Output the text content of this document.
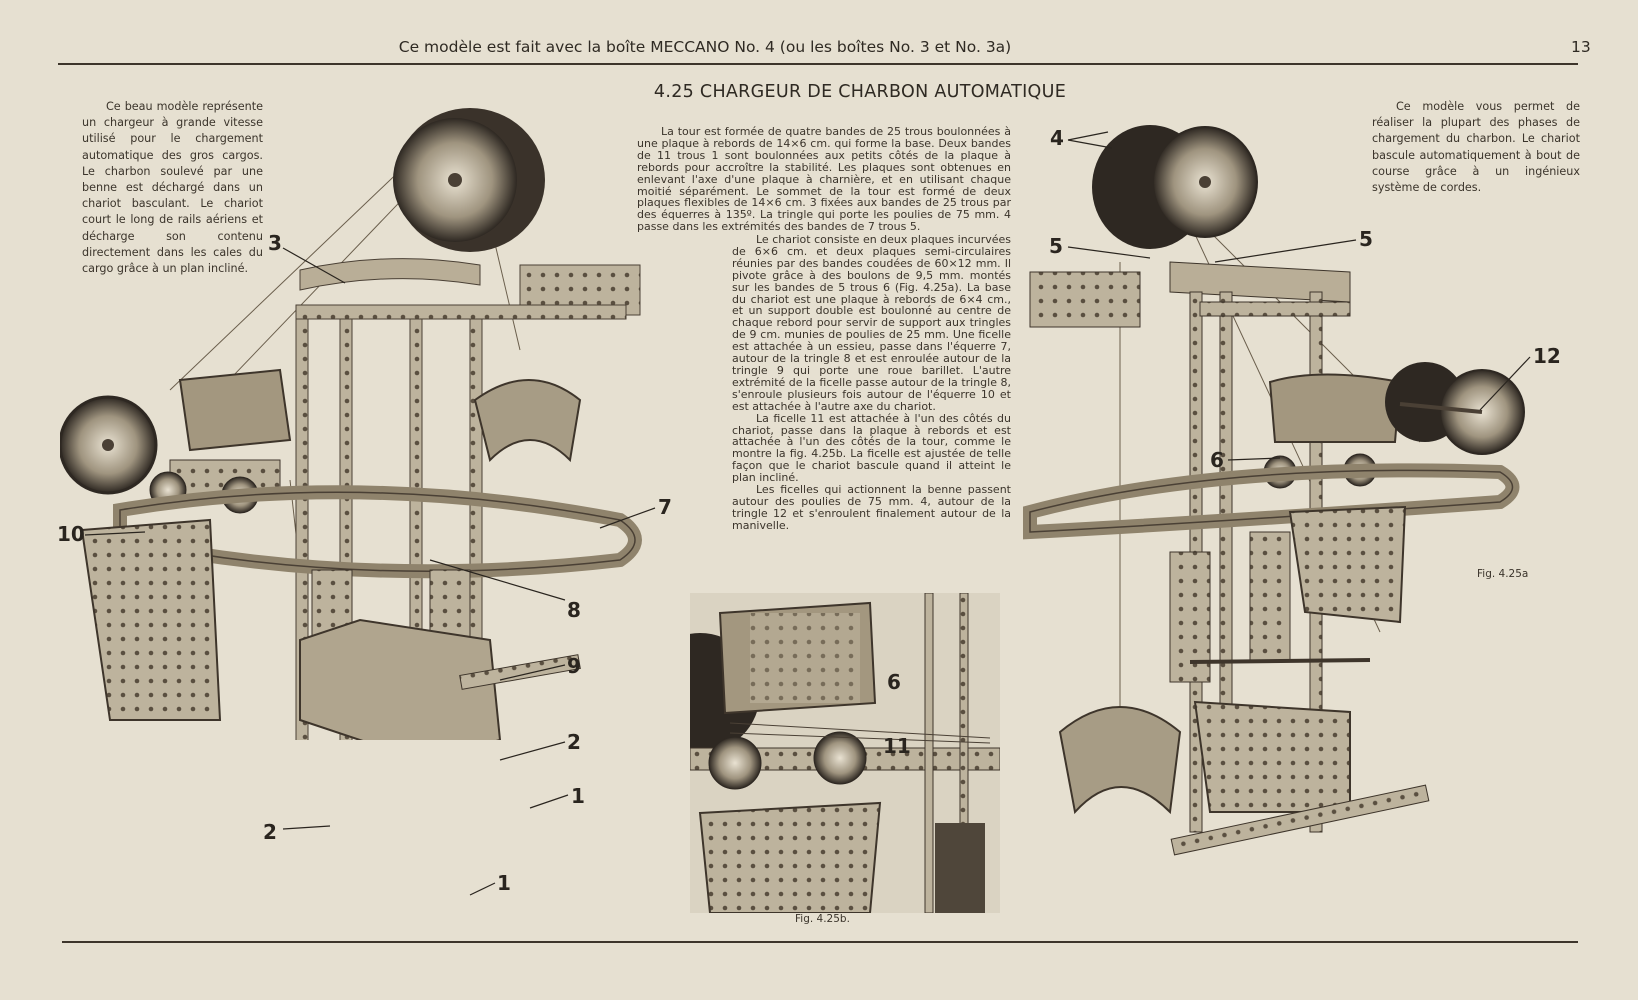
Ce modèle est fait avec la boîte MECCANO No. 4 (ou les boîtes No. 3 et No. 3a)	13
4.25 CHARGEUR DE CHARBON AUTOMATIQUE

Ce beau modèle représente un chargeur à grande vitesse utilisé pour le chargement automatique des gros cargos. Le charbon soulevé par une benne est déchargé dans un chariot basculant. Le chariot court le long de rails aériens et décharge son contenu directement dans les cales du cargo grâce à un plan incliné.

Ce modèle vous permet de réaliser la plupart des phases de chargement du charbon. Le chariot bascule automatiquement à bout de course grâce à un ingénieux système de cordes.

La tour est formée de quatre bandes de 25 trous boulonnées à une plaque à rebords de 14×6 cm. qui forme la base. Deux bandes de 11 trous 1 sont boulonnées aux petits côtés de la plaque à rebords pour accroître la stabilité. Les plaques sont obtenues en enlevant l'axe d'une plaque à charnière, et en utilisant chaque moitié séparément. Le sommet de la tour est formé de deux plaques flexibles de 14×6 cm. 3 fixées aux bandes de 25 trous par des équerres à 135º. La tringle qui porte les poulies de 75 mm. 4 passe dans les extrémités des bandes de 7 trous 5.

Le chariot consiste en deux plaques incurvées de 6×6 cm. et deux plaques semi-circulaires réunies par des bandes coudées de 60×12 mm. Il pivote grâce à des boulons de 9,5 mm. montés sur les bandes de 5 trous 6 (Fig. 4.25a). La base du chariot est une plaque à rebords de 6×4 cm., et un support double est boulonné au centre de chaque rebord pour servir de support aux tringles de 9 cm. munies de poulies de 25 mm. Une ficelle est attachée à un essieu, passe dans l'équerre 7, autour de la tringle 8 et est enroulée autour de la tringle 9 qui porte une roue barillet. L'autre extrémité de la ficelle passe autour de la tringle 8, s'enroule plusieurs fois autour de l'équerre 10 et est attachée à l'autre axe du chariot.

La ficelle 11 est attachée à l'un des côtés du chariot, passe dans la plaque à rebords et est attachée à l'un des côtés de la tour, comme le montre la fig. 4.25b. La ficelle est ajustée de telle façon que le chariot bascule quand il atteint le plan incliné.

Les ficelles qui actionnent la benne passent autour des poulies de 75 mm. 4, autour de la tringle 12 et s'enroulent finalement autour de la manivelle.

3
7
10
8
9
2
1
2
1
6
11
Fig. 4.25b.
4
5	5
12
6
Fig. 4.25a
